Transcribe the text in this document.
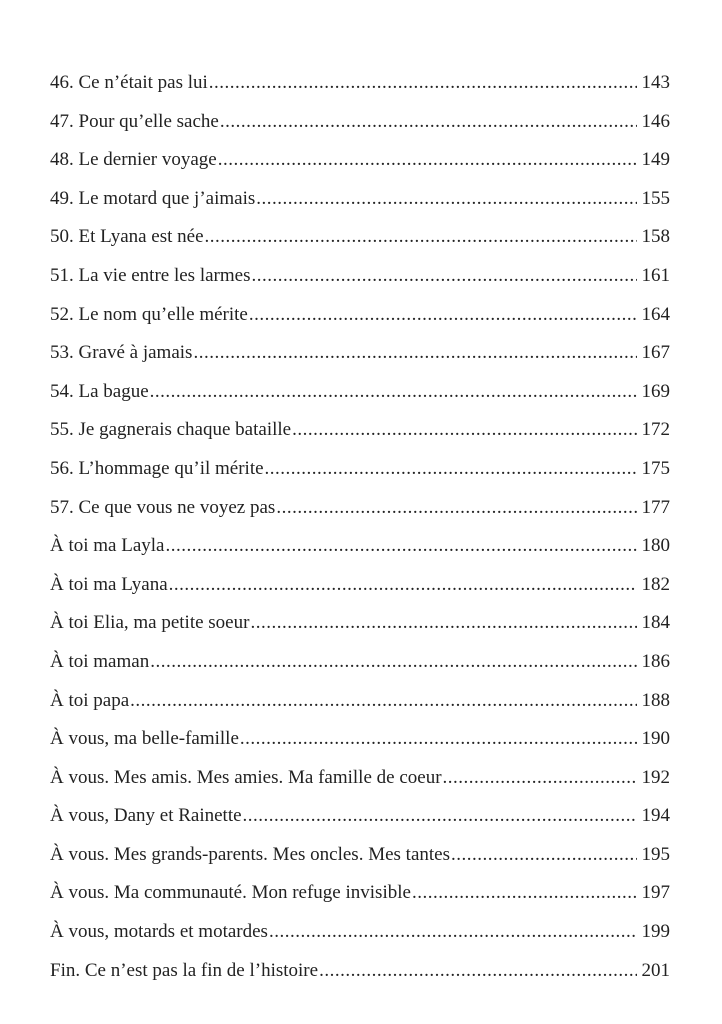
46. Ce n’était pas lui .....	143
47. Pour qu’elle sache .....	146
48. Le dernier voyage .....	149
49. Le motard que j’aimais .....	155
50. Et Lyana est née .....	158
51. La vie entre les larmes .....	161
52. Le nom qu’elle mérite .....	164
53. Gravé à jamais .....	167
54. La bague .....	169
55. Je gagnerais chaque bataille .....	172
56. L’hommage qu’il mérite .....	175
57. Ce que vous ne voyez pas .....	177
À toi ma Layla .....	180
À toi ma Lyana .....	182
À toi Elia, ma petite soeur .....	184
À toi maman .....	186
À toi papa .....	188
À vous, ma belle-famille .....	190
À vous. Mes amis. Mes amies. Ma famille de coeur .....	192
À vous, Dany et Rainette .....	194
À vous. Mes grands-parents. Mes oncles. Mes tantes .....	195
À vous. Ma communauté. Mon refuge invisible .....	197
À vous, motards et motardes .....	199
Fin. Ce n’est pas la fin de l’histoire .....	201
